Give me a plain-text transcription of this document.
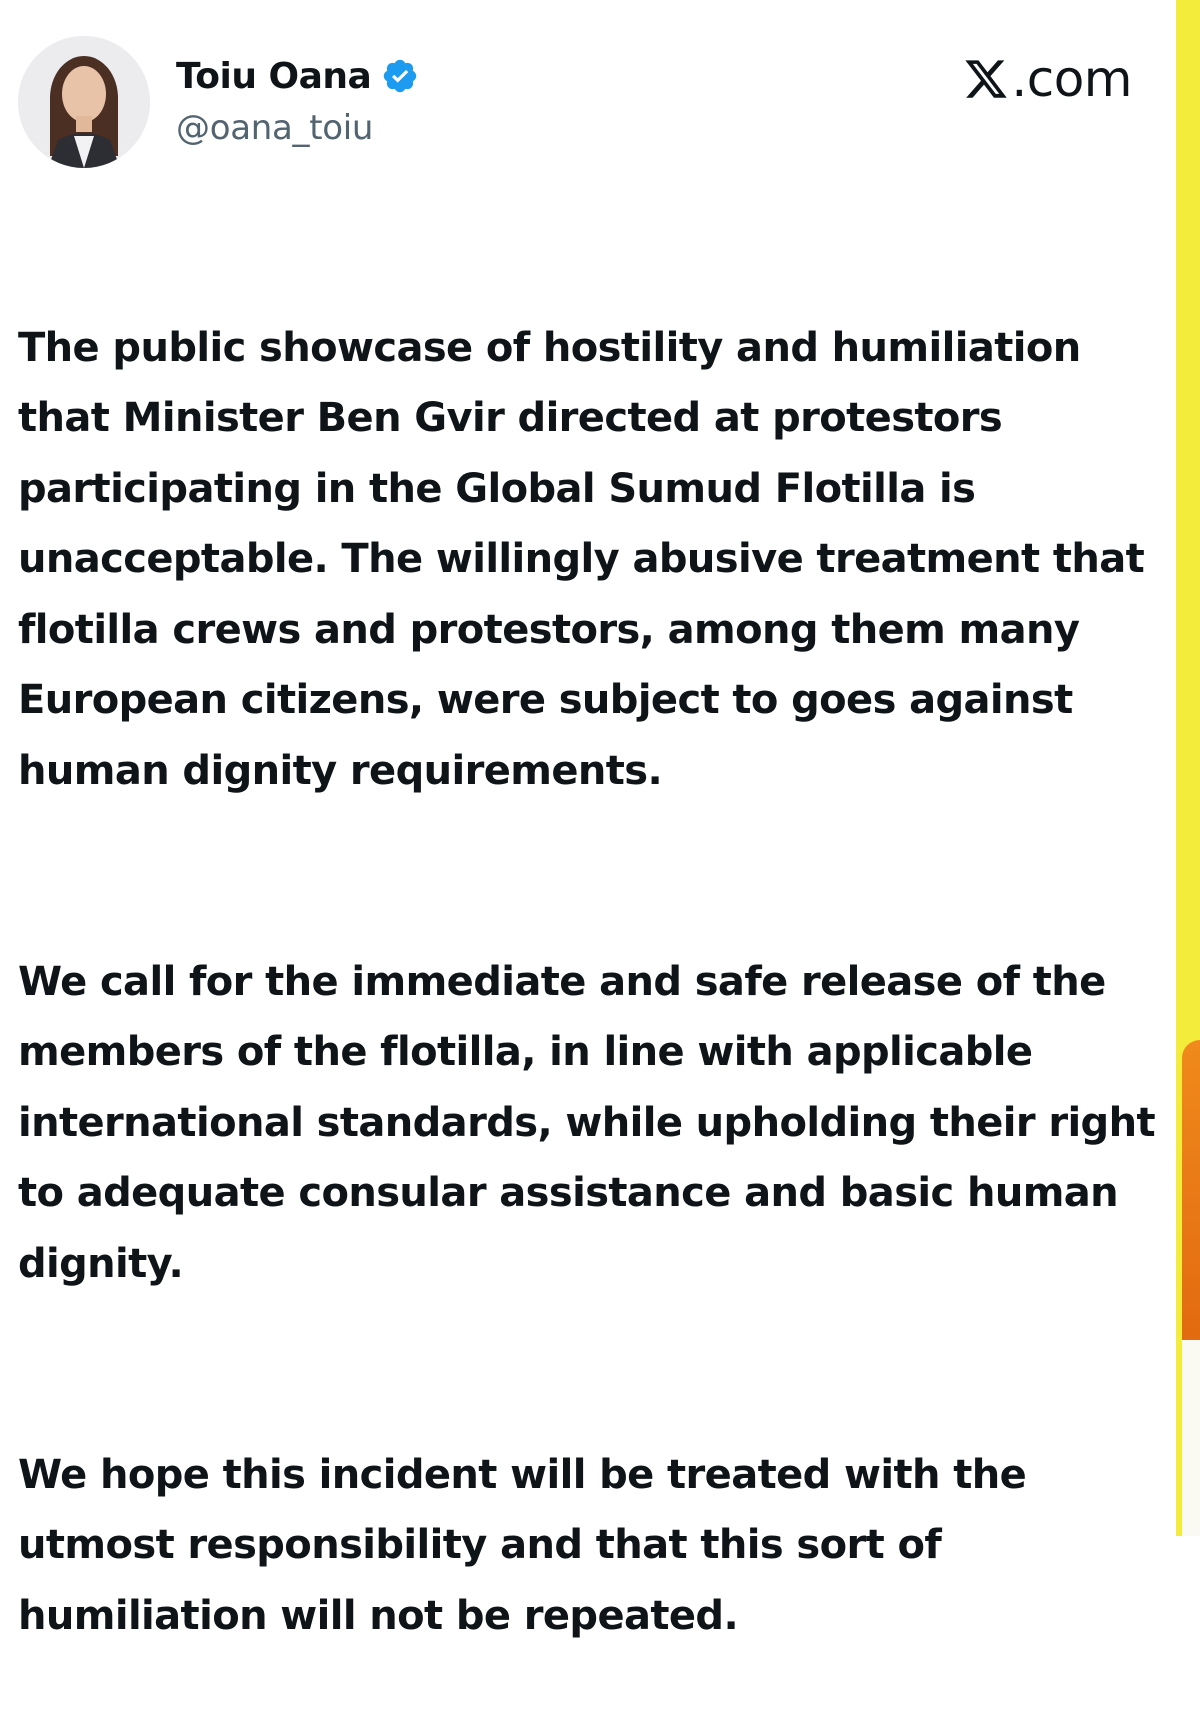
Toiu Oana
@oana_toiu
.com

The public showcase of hostility and humiliation that Minister Ben Gvir directed at protestors participating in the Global Sumud Flotilla is unacceptable. The willingly abusive treatment that flotilla crews and protestors, among them many European citizens, were subject to goes against human dignity requirements.

We call for the immediate and safe release of the members of the flotilla, in line with applicable international standards, while upholding their right to adequate consular assistance and basic human dignity.

We hope this incident will be treated with the utmost responsibility and that this sort of humiliation will not be repeated.
